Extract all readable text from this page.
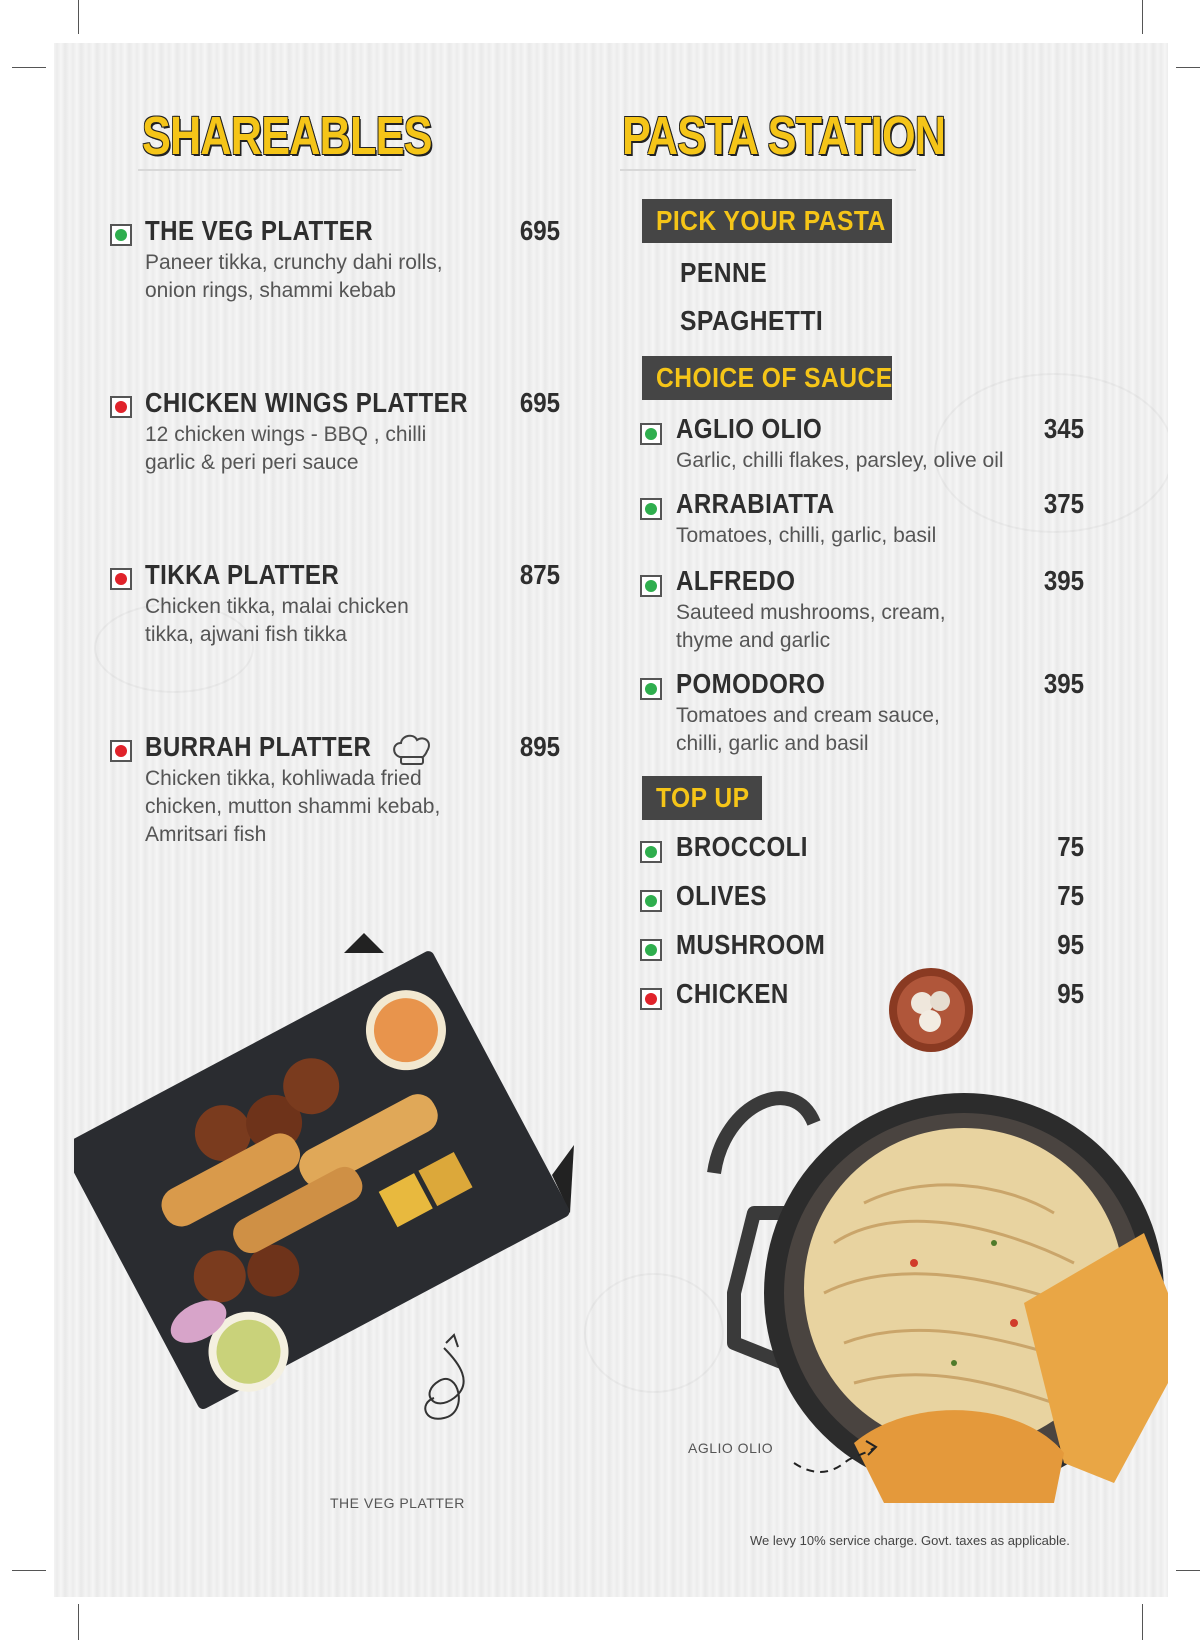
SHAREABLES
THE VEG PLATTER
Paneer tikka, crunchy dahi rolls,
onion rings, shammi kebab
695
CHICKEN WINGS PLATTER
12 chicken wings - BBQ , chilli
garlic & peri peri sauce
695
TIKKA PLATTER
Chicken tikka, malai chicken
tikka, ajwani fish tikka
875
BURRAH PLATTER
Chicken tikka, kohliwada fried
chicken, mutton shammi kebab,
Amritsari fish
895
THE VEG PLATTER
PASTA STATION
PICK YOUR PASTA
PENNE
SPAGHETTI
CHOICE OF SAUCE
AGLIO OLIO
Garlic, chilli flakes, parsley, olive oil
345
ARRABIATTA
Tomatoes, chilli, garlic, basil
375
ALFREDO
Sauteed mushrooms, cream,
thyme and garlic
395
POMODORO
Tomatoes and cream sauce,
chilli, garlic and basil
395
TOP UP
BROCCOLI	75
OLIVES	75
MUSHROOM	95
CHICKEN	95
AGLIO OLIO
We levy 10% service charge. Govt. taxes as applicable.
